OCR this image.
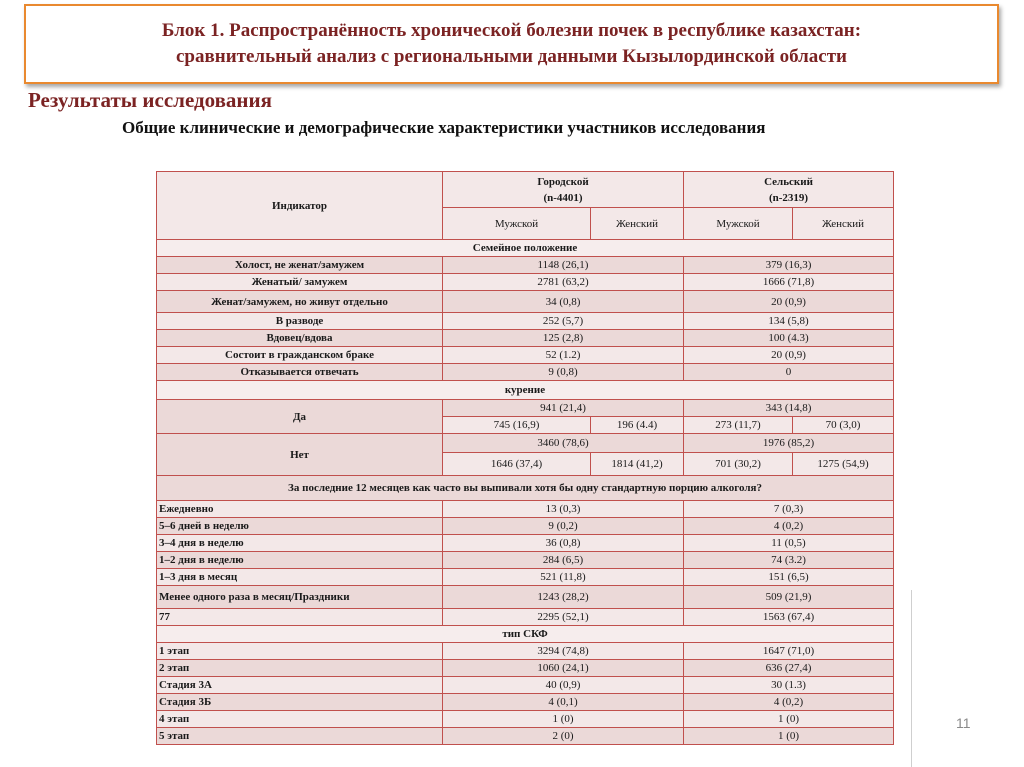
Блок 1. Распространённость хронической болезни почек в республике казахстан:
сравнительный анализ с региональными данными Кызылординской области
Результаты исследования
Общие клинические и демографические характеристики участников исследования
Индикатор	Городской
(n-4401)		Сельский
(n-2319)	
	Мужской	Женский	Мужской	Женский
Семейное положение				
Холост, не женат/замужем	1148 (26,1)		379 (16,3)	
Женатый/ замужем	2781 (63,2)		1666 (71,8)	
Женат/замужем, но живут отдельно	34 (0,8)		20 (0,9)	
В разводе	252 (5,7)		134 (5,8)	
Вдовец/вдова	125 (2,8)		100 (4.3)	
Состоит в гражданском браке	52 (1.2)		20 (0,9)	
Отказывается отвечать	9 (0,8)		0	
курение				
Да	941 (21,4)		343 (14,8)	
	745 (16,9)	196 (4.4)	273 (11,7)	70 (3,0)
Нет	3460 (78,6)		1976 (85,2)	
	1646 (37,4)	1814 (41,2)	701 (30,2)	1275 (54,9)
За последние 12 месяцев как часто вы выпивали хотя бы одну стандартную порцию алкоголя?				
Ежедневно	13 (0,3)		7 (0,3)	
5–6 дней в неделю	9 (0,2)		4 (0,2)	
3–4 дня в неделю	36 (0,8)		11 (0,5)	
1–2 дня в неделю	284 (6,5)		74 (3.2)	
1–3 дня в месяц	521 (11,8)		151 (6,5)	
Менее одного раза в месяц/Праздники	1243 (28,2)		509 (21,9)	
77	2295 (52,1)		1563 (67,4)	
тип СКФ				
1 этап	3294 (74,8)		1647 (71,0)	
2 этап	1060 (24,1)		636 (27,4)	
Стадия 3А	40 (0,9)		30 (1.3)	
Стадия 3Б	4 (0,1)		4 (0,2)	
4 этап	1 (0)		1 (0)	
5 этап	2 (0)		1 (0)	
11
